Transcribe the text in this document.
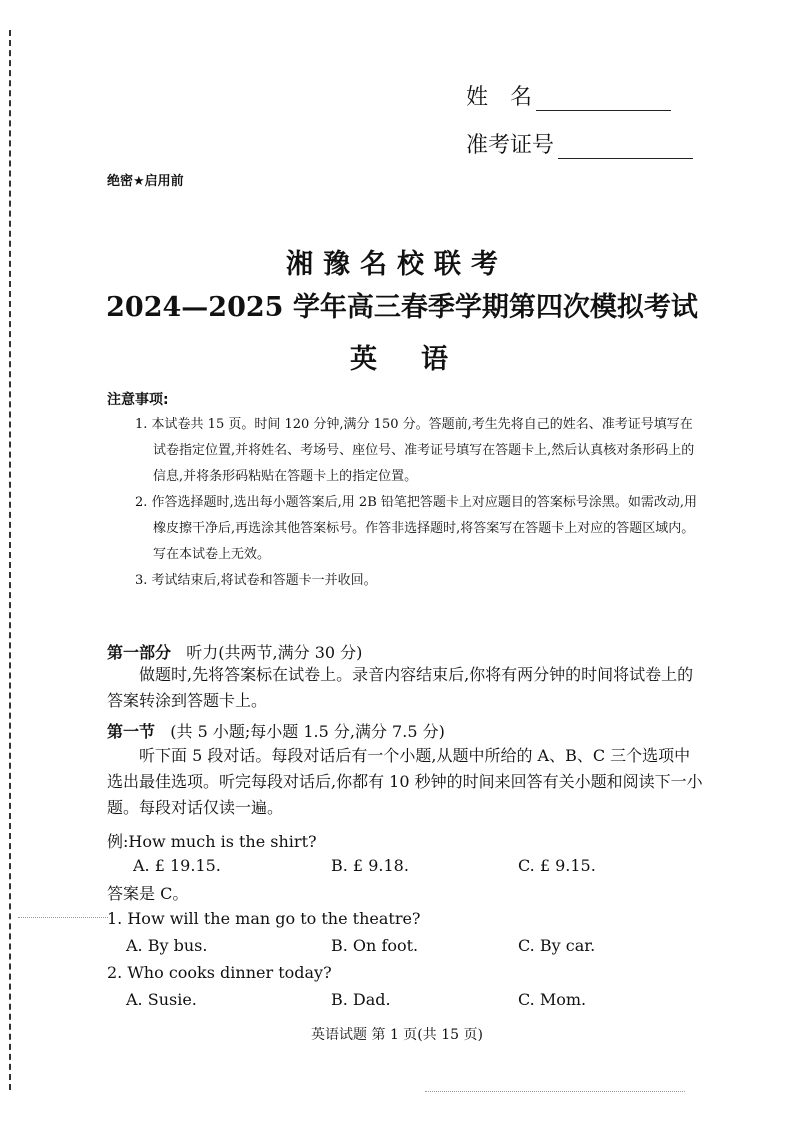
姓　名
准考证号
绝密★启用前
湘豫名校联考
2024—2025 学年高三春季学期第四次模拟考试
英语
注意事项:

1. 本试卷共 15 页。时间 120 分钟,满分 150 分。答题前,考生先将自己的姓名、准考证号填写在试卷指定位置,并将姓名、考场号、座位号、准考证号填写在答题卡上,然后认真核对条形码上的信息,并将条形码粘贴在答题卡上的指定位置。

2. 作答选择题时,选出每小题答案后,用 2B 铅笔把答题卡上对应题目的答案标号涂黑。如需改动,用橡皮擦干净后,再选涂其他答案标号。作答非选择题时,将答案写在答题卡上对应的答题区域内。写在本试卷上无效。

3. 考试结束后,将试卷和答题卡一并收回。

第一部分 听力(共两节,满分 30 分)
做题时,先将答案标在试卷上。录音内容结束后,你将有两分钟的时间将试卷上的答案转涂到答题卡上。
第一节 (共 5 小题;每小题 1.5 分,满分 7.5 分)
听下面 5 段对话。每段对话后有一个小题,从题中所给的 A、B、C 三个选项中选出最佳选项。听完每段对话后,你都有 10 秒钟的时间来回答有关小题和阅读下一小题。每段对话仅读一遍。
例:How much is the shirt?
A. £ 19.15.	B. £ 9.18.	C. £ 9.15.
答案是 C。
1. How will the man go to the theatre?
A. By bus.	B. On foot.	C. By car.
2. Who cooks dinner today?
A. Susie.	B. Dad.	C. Mom.
英语试题 第 1 页(共 15 页)
